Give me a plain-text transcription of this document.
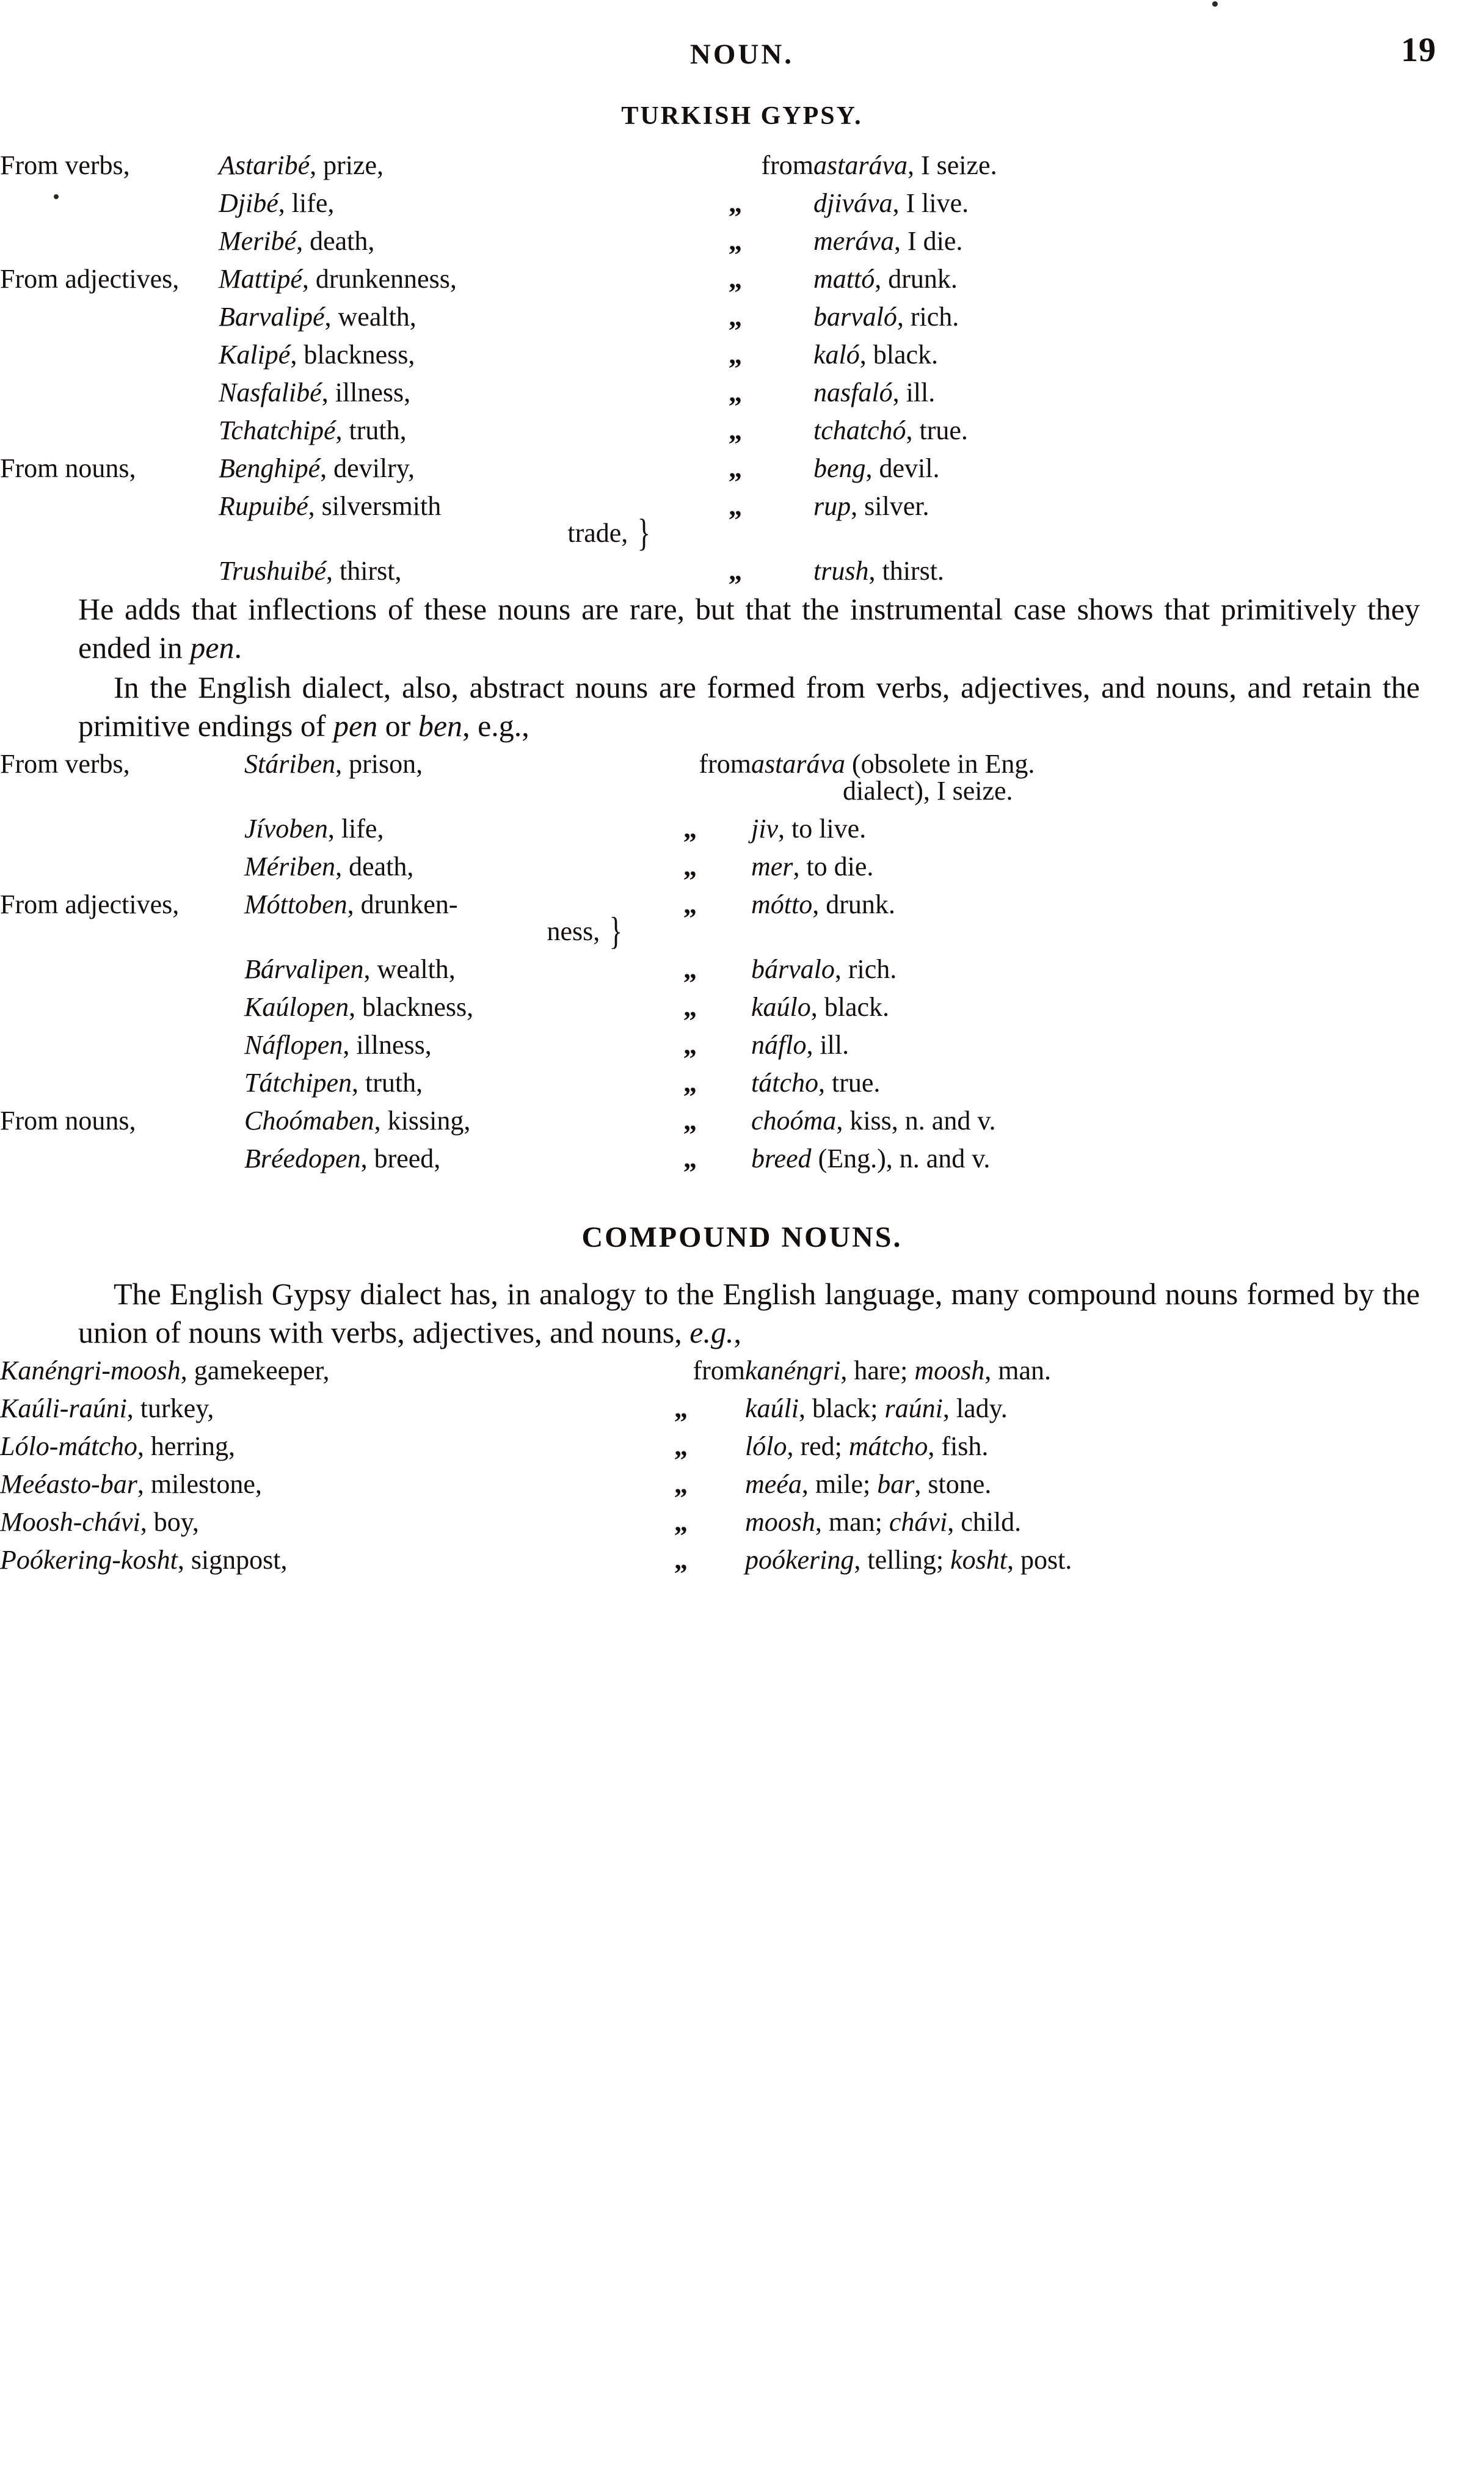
NOUN.	19
TURKISH GYPSY.
From verbs,	Astaribé, prize,	from	astaráva, I seize.
	Djibé, life,	„	djiváva, I live.
	Meribé, death,	„	meráva, I die.
From adjectives,	Mattipé, drunkenness,	„	mattó, drunk.
	Barvalipé, wealth,	„	barvaló, rich.
	Kalipé, blackness,	„	kaló, black.
	Nasfalibé, illness,	„	nasfaló, ill.
	Tchatchipé, truth,	„	tchatchó, true.
From nouns,	Benghipé, devilry,	„	beng, devil.
	Rupuibé, silversmith
trade, }	„	rup, silver.
	Trushuibé, thirst,	„	trush, thirst.

He adds that inflections of these nouns are rare, but that the instrumental case shows that primitively they ended in pen.

In the English dialect, also, abstract nouns are formed from verbs, adjectives, and nouns, and retain the primitive endings of pen or ben, e.g.,

From verbs,	Stáriben, prison,	from	astaráva (obsolete in Eng.
dialect), I seize.

	Jívoben, life,	„	jiv, to live.
	Mériben, death,	„	mer, to die.
From adjectives,	Móttoben, drunken-
ness, }	„	mótto, drunk.
	Bárvalipen, wealth,	„	bárvalo, rich.
	Kaúlopen, blackness,	„	kaúlo, black.
	Náflopen, illness,	„	náflo, ill.
	Tátchipen, truth,	„	tátcho, true.
From nouns,	Choómaben, kissing,	„	choóma, kiss, n. and v.
	Bréedopen, breed,	„	breed (Eng.), n. and v.
COMPOUND NOUNS.

The English Gypsy dialect has, in analogy to the English language, many compound nouns formed by the union of nouns with verbs, adjectives, and nouns, e.g.,

Kanéngri-moosh, gamekeeper,	from	kanéngri, hare; moosh, man.
Kaúli-raúni, turkey,	„	kaúli, black; raúni, lady.
Lólo-mátcho, herring,	„	lólo, red; mátcho, fish.
Meéasto-bar, milestone,	„	meéa, mile; bar, stone.
Moosh-chávi, boy,	„	moosh, man; chávi, child.
Poókering-kosht, signpost,	„	poókering, telling; kosht, post.
